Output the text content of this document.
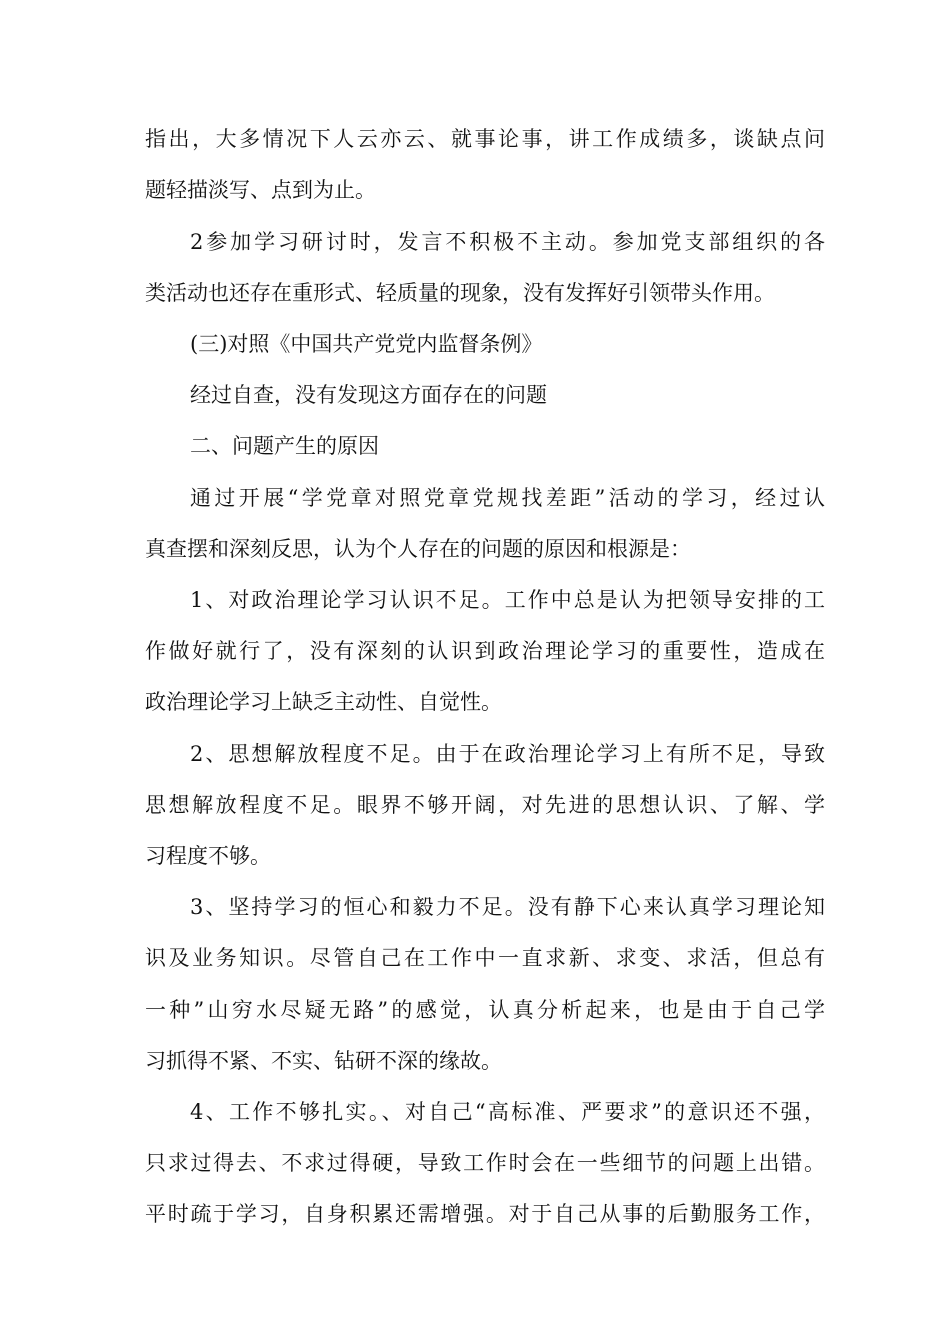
指出，大多情况下人云亦云、就事论事，讲工作成绩多，谈缺点问
题轻描淡写、点到为止。
2参加学习研讨时，发言不积极不主动。参加党支部组织的各
类活动也还存在重形式、轻质量的现象，没有发挥好引领带头作用。
(三)对照《中国共产党党内监督条例》
经过自查，没有发现这方面存在的问题
二、问题产生的原因
通过开展“学党章对照党章党规找差距”活动的学习，经过认
真查摆和深刻反思，认为个人存在的问题的原因和根源是：
1、对政治理论学习认识不足。工作中总是认为把领导安排的工
作做好就行了，没有深刻的认识到政治理论学习的重要性，造成在
政治理论学习上缺乏主动性、自觉性。
2、思想解放程度不足。由于在政治理论学习上有所不足，导致
思想解放程度不足。眼界不够开阔，对先进的思想认识、了解、学
习程度不够。
3、坚持学习的恒心和毅力不足。没有静下心来认真学习理论知
识及业务知识。尽管自己在工作中一直求新、求变、求活，但总有
一种”山穷水尽疑无路”的感觉，认真分析起来，也是由于自己学
习抓得不紧、不实、钻研不深的缘故。
4、工作不够扎实。、对自己“高标准、严要求”的意识还不强，
只求过得去、不求过得硬，导致工作时会在一些细节的问题上出错。
平时疏于学习，自身积累还需增强。对于自己从事的后勤服务工作，
